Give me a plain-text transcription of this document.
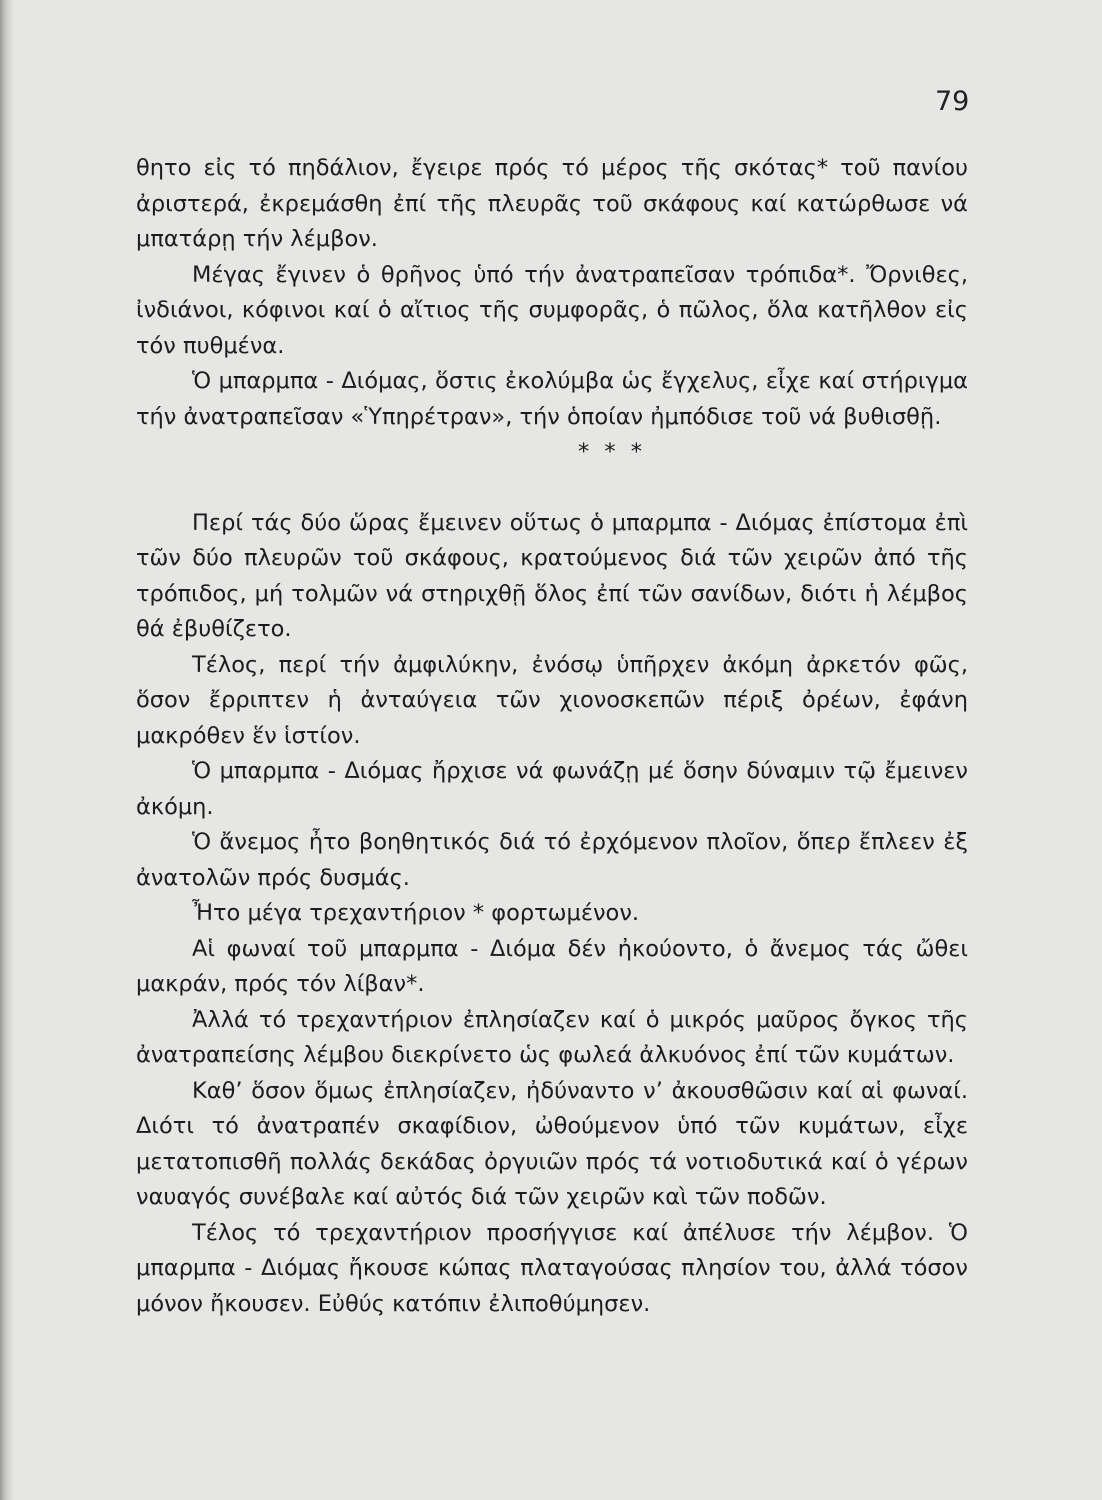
79

θητο εἰς τό πηδάλιον, ἔγειρε πρός τό μέρος τῆς σκότας* τοῦ πανίου ἀριστερά, ἐκρεμάσθη ἐπί τῆς πλευρᾶς τοῦ σκάφους καί κατώρθωσε νά μπατάρῃ τήν λέμβον.

Μέγας ἔγινεν ὁ θρῆνος ὑπό τήν ἀνατραπεῖσαν τρόπιδα*. Ὄρνιθες, ἰνδιάνοι, κόφινοι καί ὁ αἴτιος τῆς συμφορᾶς, ὁ πῶλος, ὅλα κατῆλθον εἰς τόν πυθμένα.

Ὁ μπαρμπα - Διόμας, ὅστις ἐκολύμβα ὡς ἔγχελυς, εἶχε καί στήριγμα τήν ἀνατραπεῖσαν «Ὑπηρέτραν», τήν ὁποίαν ἠμπόδισε τοῦ νά βυθισθῇ.

* * *

Περί τάς δύο ὥρας ἔμεινεν οὕτως ὁ μπαρμπα - Διόμας ἐπίστομα ἐπὶ τῶν δύο πλευρῶν τοῦ σκάφους, κρατούμενος διά τῶν χειρῶν ἀπό τῆς τρόπιδος, μή τολμῶν νά στηριχθῇ ὅλος ἐπί τῶν σανίδων, διότι ἡ λέμβος θά ἐβυθίζετο.

Τέλος, περί τήν ἀμφιλύκην, ἐνόσῳ ὑπῆρχεν ἀκόμη ἀρκετόν φῶς, ὅσον ἔρριπτεν ἡ ἀνταύγεια τῶν χιονοσκεπῶν πέριξ ὀρέων, ἐφάνη μακρόθεν ἕν ἱστίον.

Ὁ μπαρμπα - Διόμας ἤρχισε νά φωνάζῃ μέ ὅσην δύναμιν τῷ ἔμεινεν ἀκόμη.

Ὁ ἄνεμος ἦτο βοηθητικός διά τό ἐρχόμενον πλοῖον, ὅπερ ἔπλεεν ἐξ ἀνατολῶν πρός δυσμάς.

Ἦτο μέγα τρεχαντήριον * φορτωμένον.

Αἱ φωναί τοῦ μπαρμπα - Διόμα δέν ἠκούοντο, ὁ ἄνεμος τάς ὤθει μακράν, πρός τόν λίβαν*.

Ἀλλά τό τρεχαντήριον ἐπλησίαζεν καί ὁ μικρός μαῦρος ὄγκος τῆς ἀνατραπείσης λέμβου διεκρίνετο ὡς φωλεά ἀλκυόνος ἐπί τῶν κυμάτων.

Καθ’ ὅσον ὅμως ἐπλησίαζεν, ἠδύναντο ν’ ἀκουσθῶσιν καί αἱ φωναί. Διότι τό ἀνατραπέν σκαφίδιον, ὠθούμενον ὑπό τῶν κυμάτων, εἶχε μετατοπισθῆ πολλάς δεκάδας ὀργυιῶν πρός τά νοτιοδυτικά καί ὁ γέρων ναυαγός συνέβαλε καί αὐτός διά τῶν χειρῶν καὶ τῶν ποδῶν.

Τέλος τό τρεχαντήριον προσήγγισε καί ἀπέλυσε τήν λέμβον. Ὁ μπαρμπα - Διόμας ἤκουσε κώπας πλαταγούσας πλησίον του, ἀλλά τόσον μόνον ἤκουσεν. Εὐθύς κατόπιν ἐλιποθύμησεν.
